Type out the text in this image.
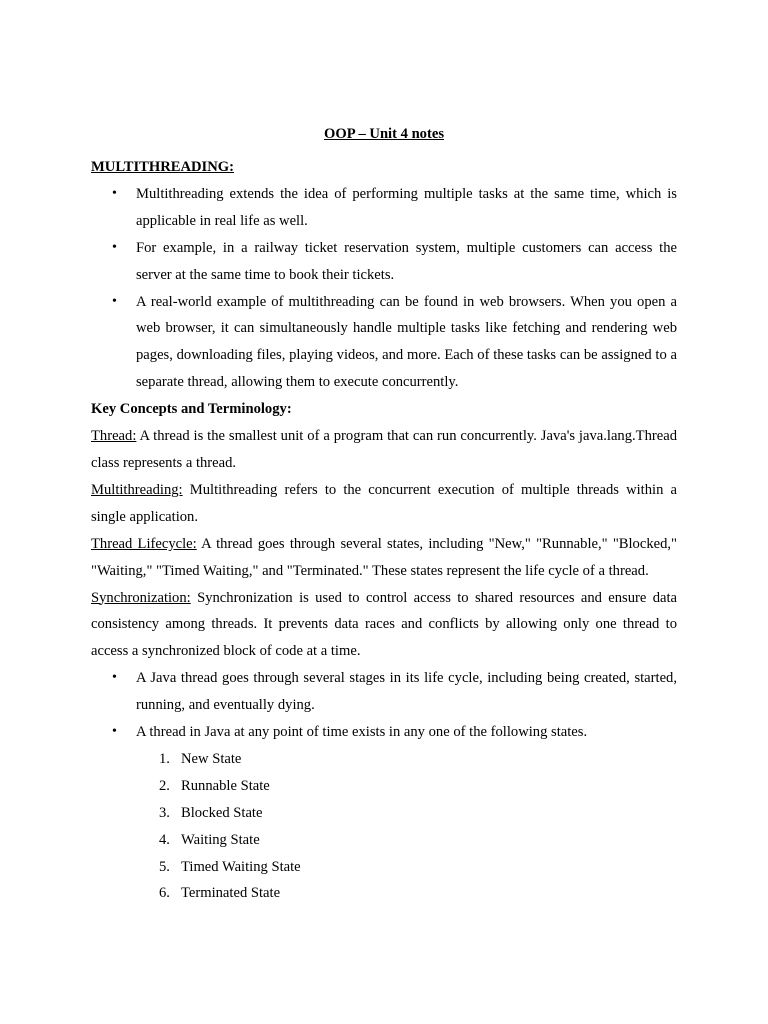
OOP – Unit 4 notes

MULTITHREADING:

• Multithreading extends the idea of performing multiple tasks at the same time, which is applicable in real life as well.
• For example, in a railway ticket reservation system, multiple customers can access the server at the same time to book their tickets.
• A real-world example of multithreading can be found in web browsers. When you open a web browser, it can simultaneously handle multiple tasks like fetching and rendering web pages, downloading files, playing videos, and more. Each of these tasks can be assigned to a separate thread, allowing them to execute concurrently.

Key Concepts and Terminology:

Thread: A thread is the smallest unit of a program that can run concurrently. Java's java.lang.Thread class represents a thread.

Multithreading: Multithreading refers to the concurrent execution of multiple threads within a single application.

Thread Lifecycle: A thread goes through several states, including "New," "Runnable," "Blocked," "Waiting," "Timed Waiting," and "Terminated." These states represent the life cycle of a thread.

Synchronization: Synchronization is used to control access to shared resources and ensure data consistency among threads. It prevents data races and conflicts by allowing only one thread to access a synchronized block of code at a time.

• A Java thread goes through several stages in its life cycle, including being created, started, running, and eventually dying.
• A thread in Java at any point of time exists in any one of the following states.
1. New State
2. Runnable State
3. Blocked State
4. Waiting State
5. Timed Waiting State
6. Terminated State
